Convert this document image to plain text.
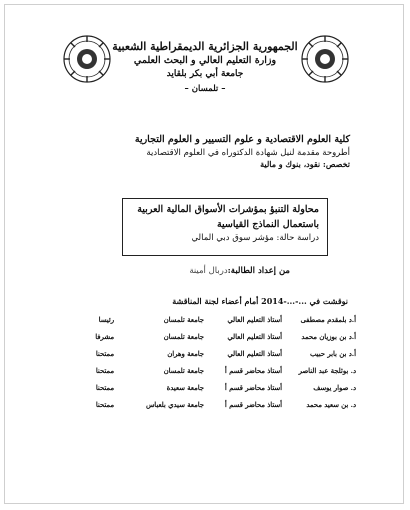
الجمهورية الجزائرية الديمقراطية الشعبية
وزارة التعليم العالي و البحث العلمي
جامعة أبي بكر بلقايد
– تلمسان –
كلية العلوم الاقتصادية و علوم التسيير و العلوم التجارية
أطروحة مقدمة لنيل شهادة الدكتوراه في العلوم الاقتصادية
تخصص: نقود، بنوك و مالية
محاولة التنبؤ بمؤشرات الأسواق المالية العربية
باستعمال النماذج القياسية
دراسة حالة: مؤشر سوق دبي المالي
من إعداد الطالبة:دربال أمينة
نوقشت في ...-...-2014 أمام أعضاء لجنة المناقشة
أ.د بلمقدم مصطفى	أستاذ التعليم العالي	جامعة تلمسان	رئيسا
أ.د بن بوزيان محمد	أستاذ التعليم العالي	جامعة تلمسان	مشرفا
أ.د بن بابر حبيب	أستاذ التعليم العالي	جامعة وهران	ممتحنا
د. بوثلجة عبد الناصر	أستاذ محاضر قسم أ	جامعة تلمسان	ممتحنا
د. صوار يوسف	أستاذ محاضر قسم أ	جامعة سعيدة	ممتحنا
د. بن سعيد محمد	أستاذ محاضر قسم أ	جامعة سيدي بلعباس	ممتحنا
